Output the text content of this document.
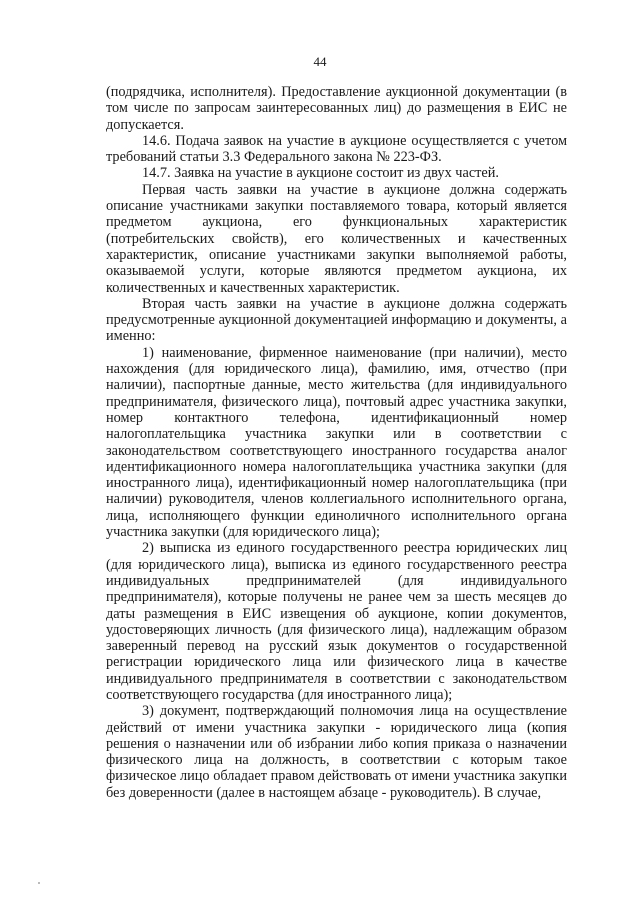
44

(подрядчика, исполнителя). Предоставление аукционной документации (в том числе по запросам заинтересованных лиц) до размещения в ЕИС не допускается.

14.6. Подача заявок на участие в аукционе осуществляется с учетом требований статьи 3.3 Федерального закона № 223-ФЗ.

14.7. Заявка на участие в аукционе состоит из двух частей.

Первая часть заявки на участие в аукционе должна содержать описание участниками закупки поставляемого товара, который является предметом аукциона, его функциональных характеристик (потребительских свойств), его количественных и качественных характеристик, описание участниками закупки выполняемой работы, оказываемой услуги, которые являются предметом аукциона, их количественных и качественных характеристик.

Вторая часть заявки на участие в аукционе должна содержать предусмотренные аукционной документацией информацию и документы, а именно:

1) наименование, фирменное наименование (при наличии), место нахождения (для юридического лица), фамилию, имя, отчество (при наличии), паспортные данные, место жительства (для индивидуального предпринимателя, физического лица), почтовый адрес участника закупки, номер контактного телефона, идентификационный номер налогоплательщика участника закупки или в соответствии с законодательством соответствующего иностранного государства аналог идентификационного номера налогоплательщика участника закупки (для иностранного лица), идентификационный номер налогоплательщика (при наличии) руководителя, членов коллегиального исполнительного органа, лица, исполняющего функции единоличного исполнительного органа участника закупки (для юридического лица);

2) выписка из единого государственного реестра юридических лиц (для юридического лица), выписка из единого государственного реестра индивидуальных предпринимателей (для индивидуального предпринимателя), которые получены не ранее чем за шесть месяцев до даты размещения в ЕИС извещения об аукционе, копии документов, удостоверяющих личность (для физического лица), надлежащим образом заверенный перевод на русский язык документов о государственной регистрации юридического лица или физического лица в качестве индивидуального предпринимателя в соответствии с законодательством соответствующего государства (для иностранного лица);

3) документ, подтверждающий полномочия лица на осуществление действий от имени участника закупки - юридического лица (копия решения о назначении или об избрании либо копия приказа о назначении физического лица на должность, в соответствии с которым такое физическое лицо обладает правом действовать от имени участника закупки без доверенности (далее в настоящем абзаце - руководитель). В случае,
